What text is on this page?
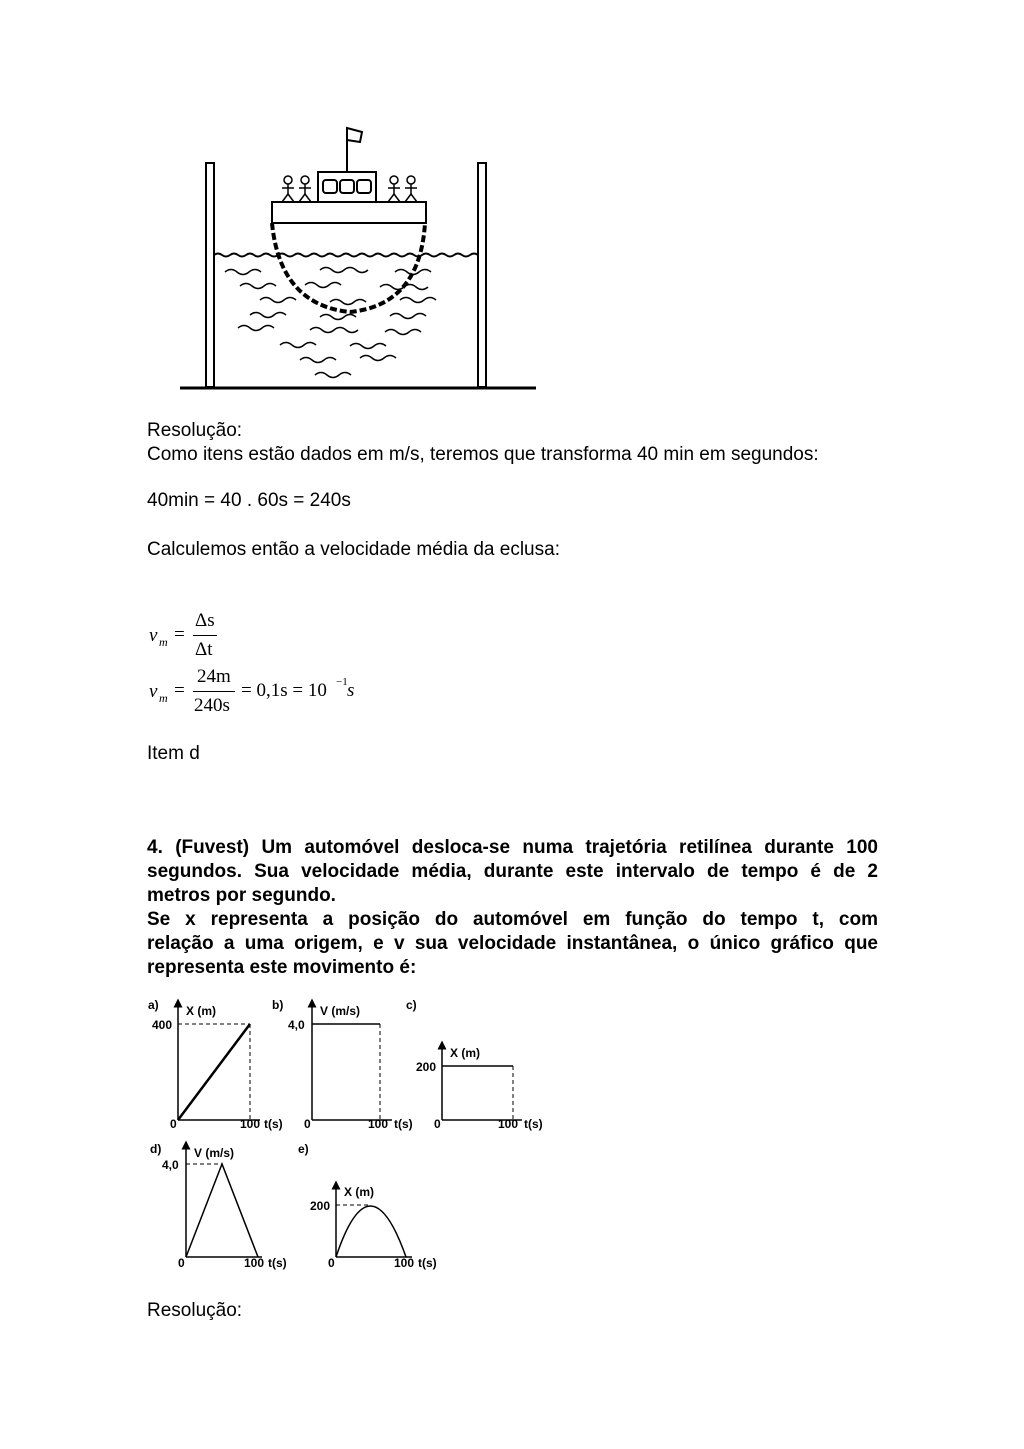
Resolução:
Como itens estão dados em m/s, teremos que transforma 40 min em segundos:
40min = 40 . 60s = 240s
Calculemos então a velocidade média da eclusa:
v m =
Δs
Δt
v m =
24m
240s
= 0,1s = 10 −1 s
Item d
4. (Fuvest) Um automóvel desloca-se numa trajetória retilínea durante 100
segundos. Sua velocidade média, durante este intervalo de tempo é de 2
metros por segundo.
Se x representa a posição do automóvel em função do tempo t, com
relação a uma origem, e v sua velocidade instantânea, o único gráfico que
representa este movimento é:
a) X (m)
400
0	100 t(s)
b)	V (m/s)
4,0
0	100 t(s)
c)
X (m)
200
0	100 t(s)
d)	V (m/s)
4,0
0	100 t(s)
e)
X (m)
200
0	100 t(s)
Resolução:
